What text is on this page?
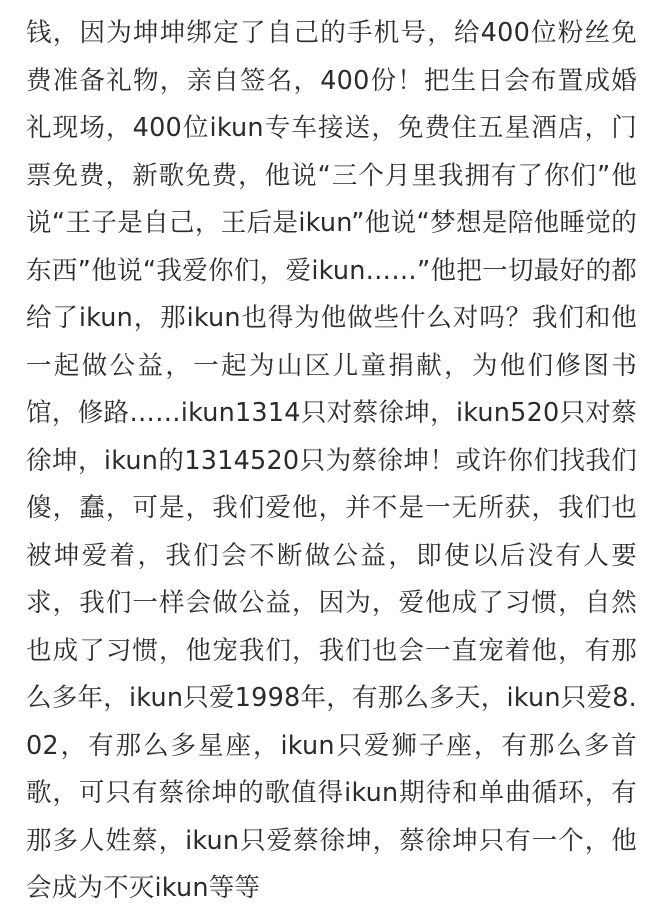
钱，因为坤坤绑定了自己的手机号，给400位粉丝免费准备礼物，亲自签名，400份！把生日会布置成婚礼现场，400位ikun专车接送，免费住五星酒店，门票免费，新歌免费，他说“三个月里我拥有了你们”他说“王子是自己，王后是ikun”他说“梦想是陪他睡觉的东西”他说“我爱你们，爱ikun……”他把一切最好的都给了ikun，那ikun也得为他做些什么对吗？我们和他一起做公益，一起为山区儿童捐献，为他们修图书馆，修路……ikun1314只对蔡徐坤，ikun520只对蔡徐坤，ikun的1314520只为蔡徐坤！或许你们找我们傻，蠢，可是，我们爱他，并不是一无所获，我们也被坤爱着，我们会不断做公益，即使以后没有人要求，我们一样会做公益，因为，爱他成了习惯，自然也成了习惯，他宠我们，我们也会一直宠着他，有那么多年，ikun只爱1998年，有那么多天，ikun只爱8.02，有那么多星座，ikun只爱狮子座，有那么多首歌，可只有蔡徐坤的歌值得ikun期待和单曲循环，有那多人姓蔡，ikun只爱蔡徐坤，蔡徐坤只有一个，他会成为不灭ikun等等
